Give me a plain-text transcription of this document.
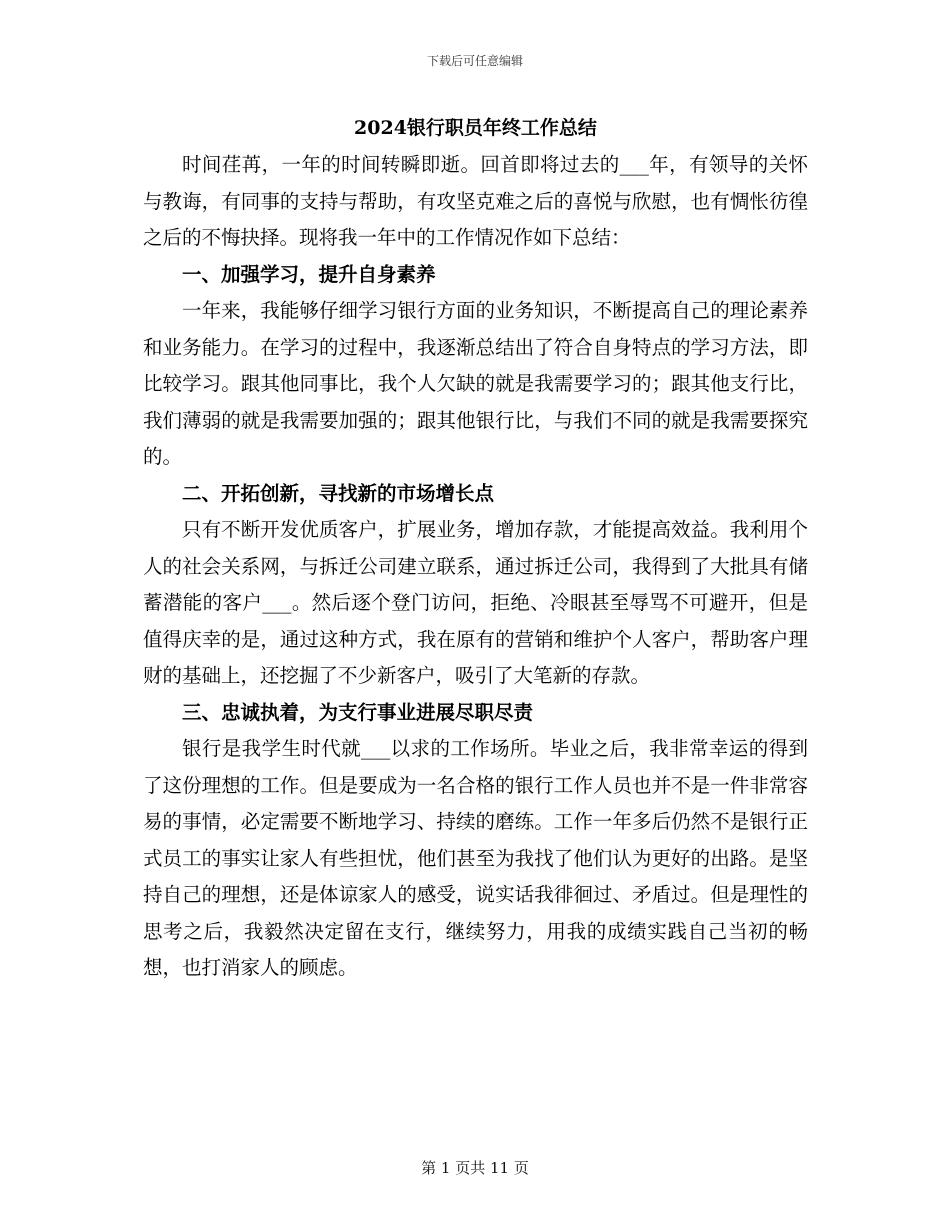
下载后可任意编辑
2024银行职员年终工作总结

时间荏苒，一年的时间转瞬即逝。回首即将过去的___年，有领导的关怀与教诲，有同事的支持与帮助，有攻坚克难之后的喜悦与欣慰，也有惆怅彷徨之后的不悔抉择。现将我一年中的工作情况作如下总结：

一、加强学习，提升自身素养

一年来，我能够仔细学习银行方面的业务知识，不断提高自己的理论素养和业务能力。在学习的过程中，我逐渐总结出了符合自身特点的学习方法，即比较学习。跟其他同事比，我个人欠缺的就是我需要学习的；跟其他支行比，我们薄弱的就是我需要加强的；跟其他银行比，与我们不同的就是我需要探究的。

二、开拓创新，寻找新的市场增长点

只有不断开发优质客户，扩展业务，增加存款，才能提高效益。我利用个人的社会关系网，与拆迁公司建立联系，通过拆迁公司，我得到了大批具有储蓄潜能的客户___。然后逐个登门访问，拒绝、冷眼甚至辱骂不可避开，但是值得庆幸的是，通过这种方式，我在原有的营销和维护个人客户，帮助客户理财的基础上，还挖掘了不少新客户，吸引了大笔新的存款。

三、忠诚执着，为支行事业进展尽职尽责

银行是我学生时代就___以求的工作场所。毕业之后，我非常幸运的得到了这份理想的工作。但是要成为一名合格的银行工作人员也并不是一件非常容易的事情，必定需要不断地学习、持续的磨练。工作一年多后仍然不是银行正式员工的事实让家人有些担忧，他们甚至为我找了他们认为更好的出路。是坚持自己的理想，还是体谅家人的感受，说实话我徘徊过、矛盾过。但是理性的思考之后，我毅然决定留在支行，继续努力，用我的成绩实践自己当初的畅想，也打消家人的顾虑。

第 1 页共 11 页
